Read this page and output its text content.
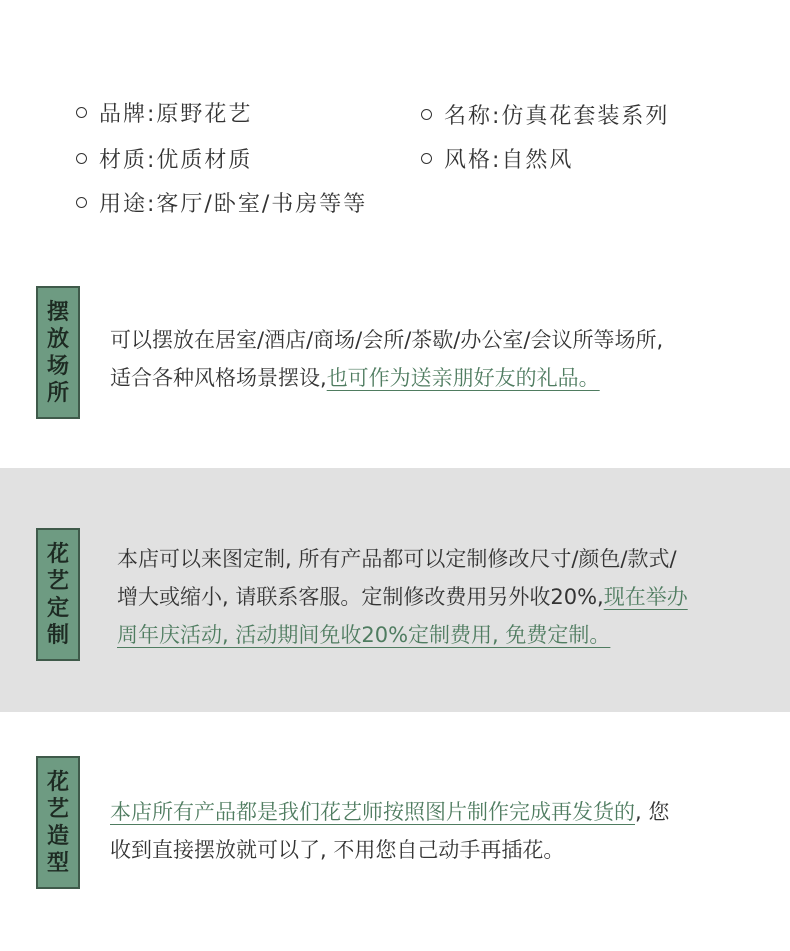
品牌:原野花艺	名称:仿真花套装系列
材质:优质材质	风格:自然风
用途:客厅/卧室/书房等等
摆
放
场
所
可以摆放在居室/酒店/商场/会所/茶歇/办公室/会议所等场所,
适合各种风格场景摆设,也可作为送亲朋好友的礼品。
花
艺
定
制
本店可以来图定制, 所有产品都可以定制修改尺寸/颜色/款式/
增大或缩小, 请联系客服。定制修改费用另外收20%,现在举办
周年庆活动, 活动期间免收20%定制费用, 免费定制。
花
艺
造
型
本店所有产品都是我们花艺师按照图片制作完成再发货的, 您
收到直接摆放就可以了, 不用您自己动手再插花。
